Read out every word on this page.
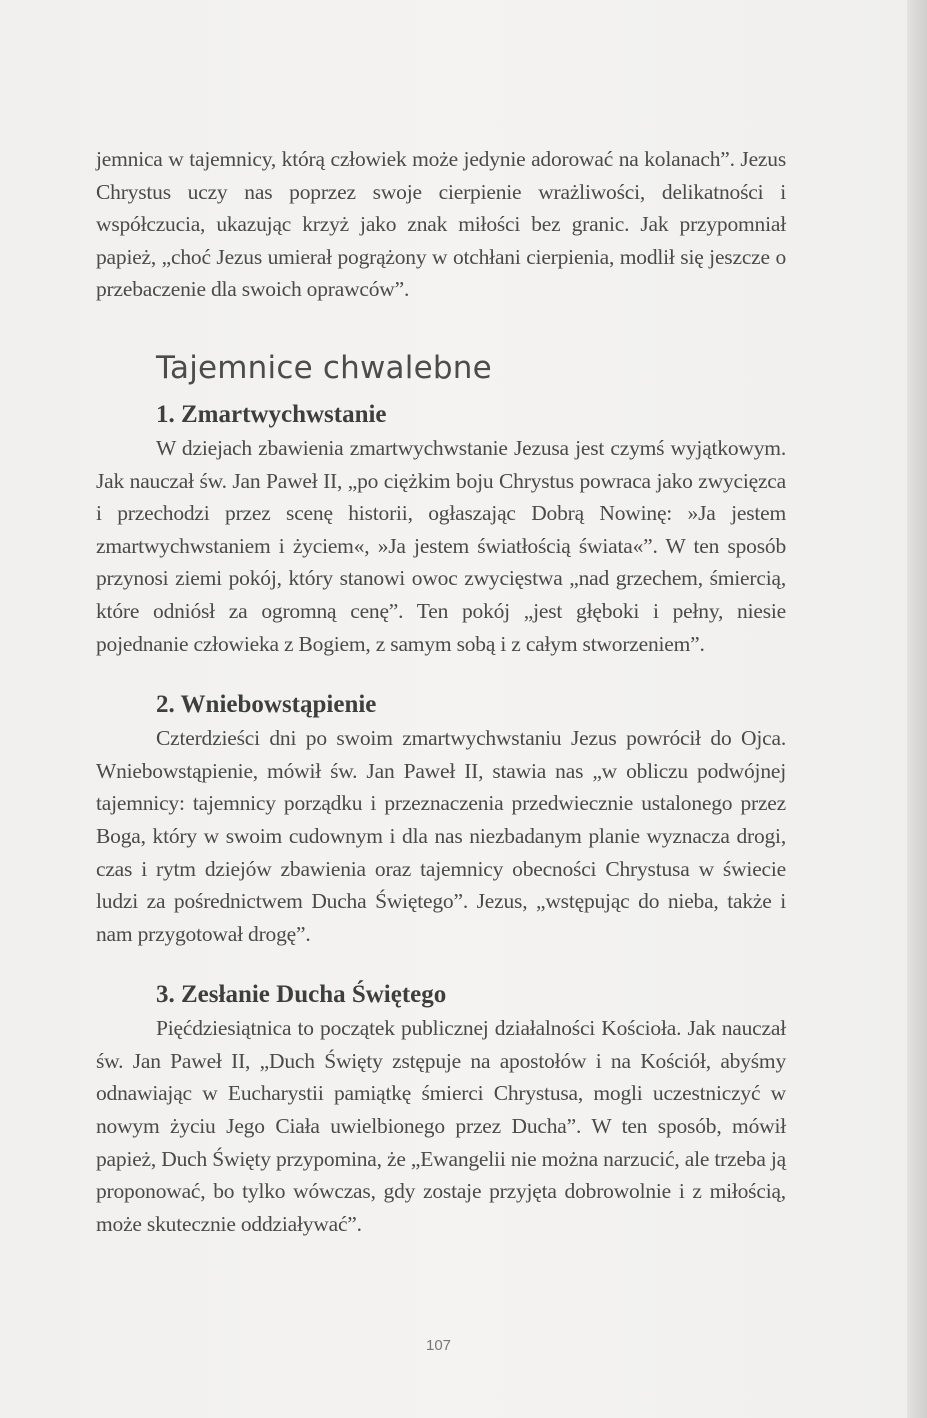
jemnica w tajemnicy, którą człowiek może jedynie adorować na kolanach”. Jezus Chrystus uczy nas poprzez swoje cierpienie wrażliwości, delikatności i współczucia, ukazując krzyż jako znak miłości bez granic. Jak przypomniał papież, „choć Jezus umierał pogrążony w otchłani cierpienia, modlił się jeszcze o przebaczenie dla swoich oprawców”.

Tajemnice chwalebne
1. Zmartwychwstanie

W dziejach zbawienia zmartwychwstanie Jezusa jest czymś wyjątkowym. Jak nauczał św. Jan Paweł II, „po ciężkim boju Chrystus powraca jako zwycięzca i przechodzi przez scenę historii, ogłaszając Dobrą Nowinę: »Ja jestem zmartwychwstaniem i życiem«, »Ja jestem światłością świata«”. W ten sposób przynosi ziemi pokój, który stanowi owoc zwycięstwa „nad grzechem, śmiercią, które odniósł za ogromną cenę”. Ten pokój „jest głęboki i pełny, niesie pojednanie człowieka z Bogiem, z samym sobą i z całym stworzeniem”.

2. Wniebowstąpienie

Czterdzieści dni po swoim zmartwychwstaniu Jezus powrócił do Ojca. Wniebowstąpienie, mówił św. Jan Paweł II, stawia nas „w obliczu podwójnej tajemnicy: tajemnicy porządku i przeznaczenia przedwiecznie ustalonego przez Boga, który w swoim cudownym i dla nas niezbadanym planie wyznacza drogi, czas i rytm dziejów zbawienia oraz tajemnicy obecności Chrystusa w świecie ludzi za pośrednictwem Ducha Świętego”. Jezus, „wstępując do nieba, także i nam przygotował drogę”.

3. Zesłanie Ducha Świętego

Pięćdziesiątnica to początek publicznej działalności Kościoła. Jak nauczał św. Jan Paweł II, „Duch Święty zstępuje na apostołów i na Kościół, abyśmy odnawiając w Eucharystii pamiątkę śmierci Chrystusa, mogli uczestniczyć w nowym życiu Jego Ciała uwielbionego przez Ducha”. W ten sposób, mówił papież, Duch Święty przypomina, że „Ewangelii nie można narzucić, ale trzeba ją proponować, bo tylko wówczas, gdy zostaje przyjęta dobrowolnie i z miłością, może skutecznie oddziaływać”.

107
